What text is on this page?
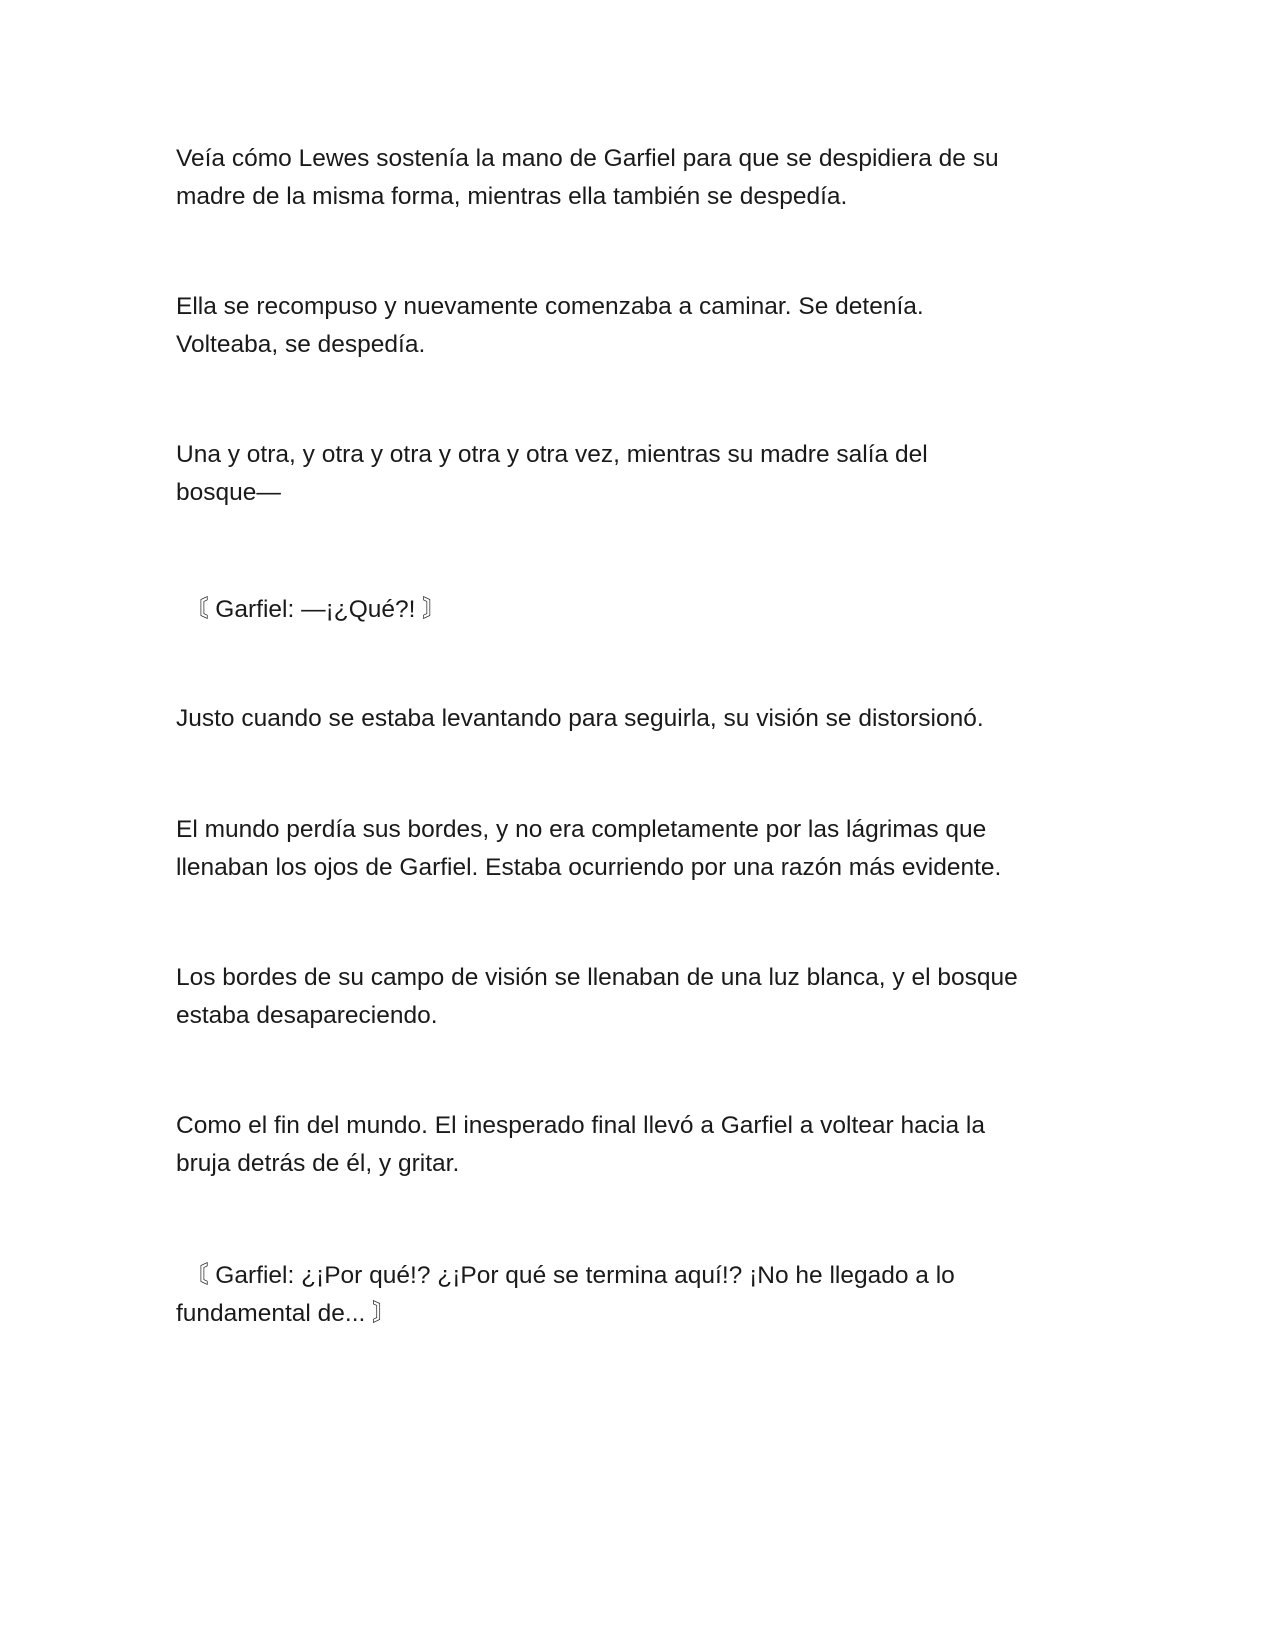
Veía cómo Lewes sostenía la mano de Garfiel para que se despidiera de su
madre de la misma forma, mientras ella también se despedía.

Ella se recompuso y nuevamente comenzaba a caminar. Se detenía.
Volteaba, se despedía.

Una y otra, y otra y otra y otra y otra vez, mientras su madre salía del
bosque—

〘 Garfiel: —¡¿Qué?! 〙

Justo cuando se estaba levantando para seguirla, su visión se distorsionó.

El mundo perdía sus bordes, y no era completamente por las lágrimas que
llenaban los ojos de Garfiel. Estaba ocurriendo por una razón más evidente.

Los bordes de su campo de visión se llenaban de una luz blanca, y el bosque
estaba desapareciendo.

Como el fin del mundo. El inesperado final llevó a Garfiel a voltear hacia la
bruja detrás de él, y gritar.

〘 Garfiel: ¿¡Por qué!? ¿¡Por qué se termina aquí!? ¡No he llegado a lo
fundamental de... 〙
